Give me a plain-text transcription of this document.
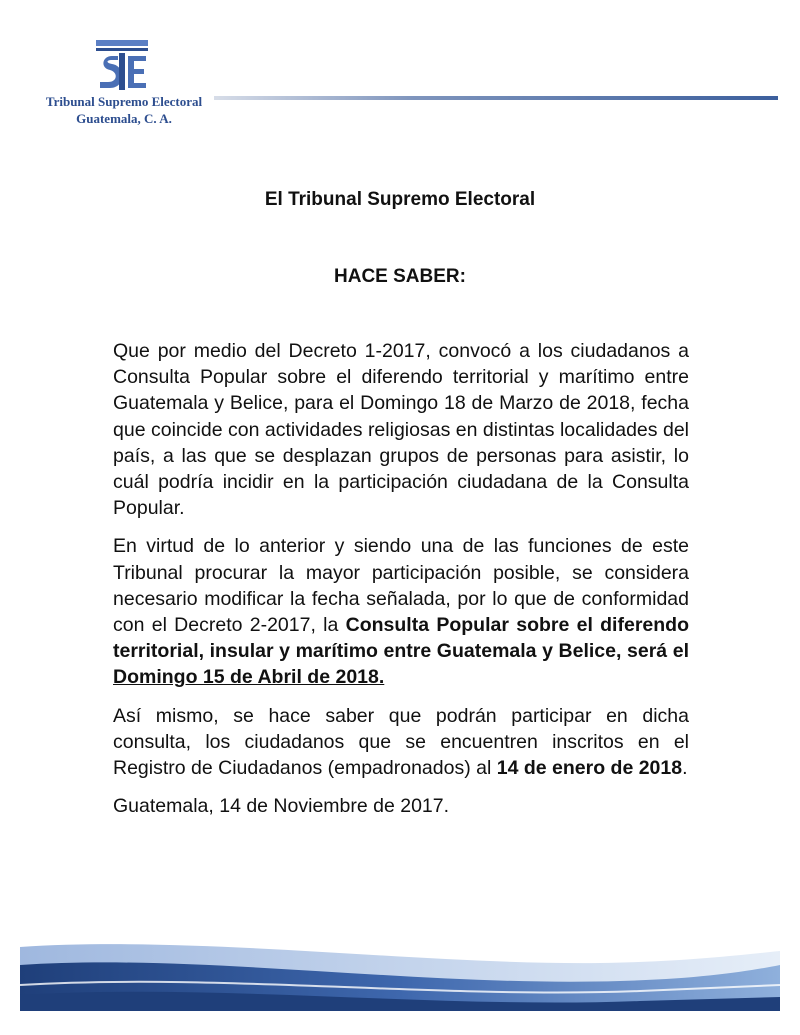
Tribunal Supremo Electoral
Guatemala, C. A.
El Tribunal Supremo Electoral
HACE SABER:

Que por medio del Decreto 1-2017, convocó a los ciudadanos a Consulta Popular sobre el diferendo territorial y marítimo entre Guatemala y Belice, para el Domingo 18 de Marzo de 2018, fecha que coincide con actividades religiosas en distintas localidades del país, a las que se desplazan grupos de personas para asistir, lo cuál podría incidir en la participación ciudadana de la Consulta Popular.

En virtud de lo anterior y siendo una de las funciones de este Tribunal procurar la mayor participación posible, se considera necesario modificar la fecha señalada, por lo que de conformidad con el Decreto 2-2017, la Consulta Popular sobre el diferendo territorial, insular y marítimo entre Guatemala y Belice, será el Domingo 15 de Abril de 2018.

Así mismo, se hace saber que podrán participar en dicha consulta, los ciudadanos que se encuentren inscritos en el Registro de Ciudadanos (empadronados) al 14 de enero de 2018.

Guatemala, 14 de Noviembre de 2017.
